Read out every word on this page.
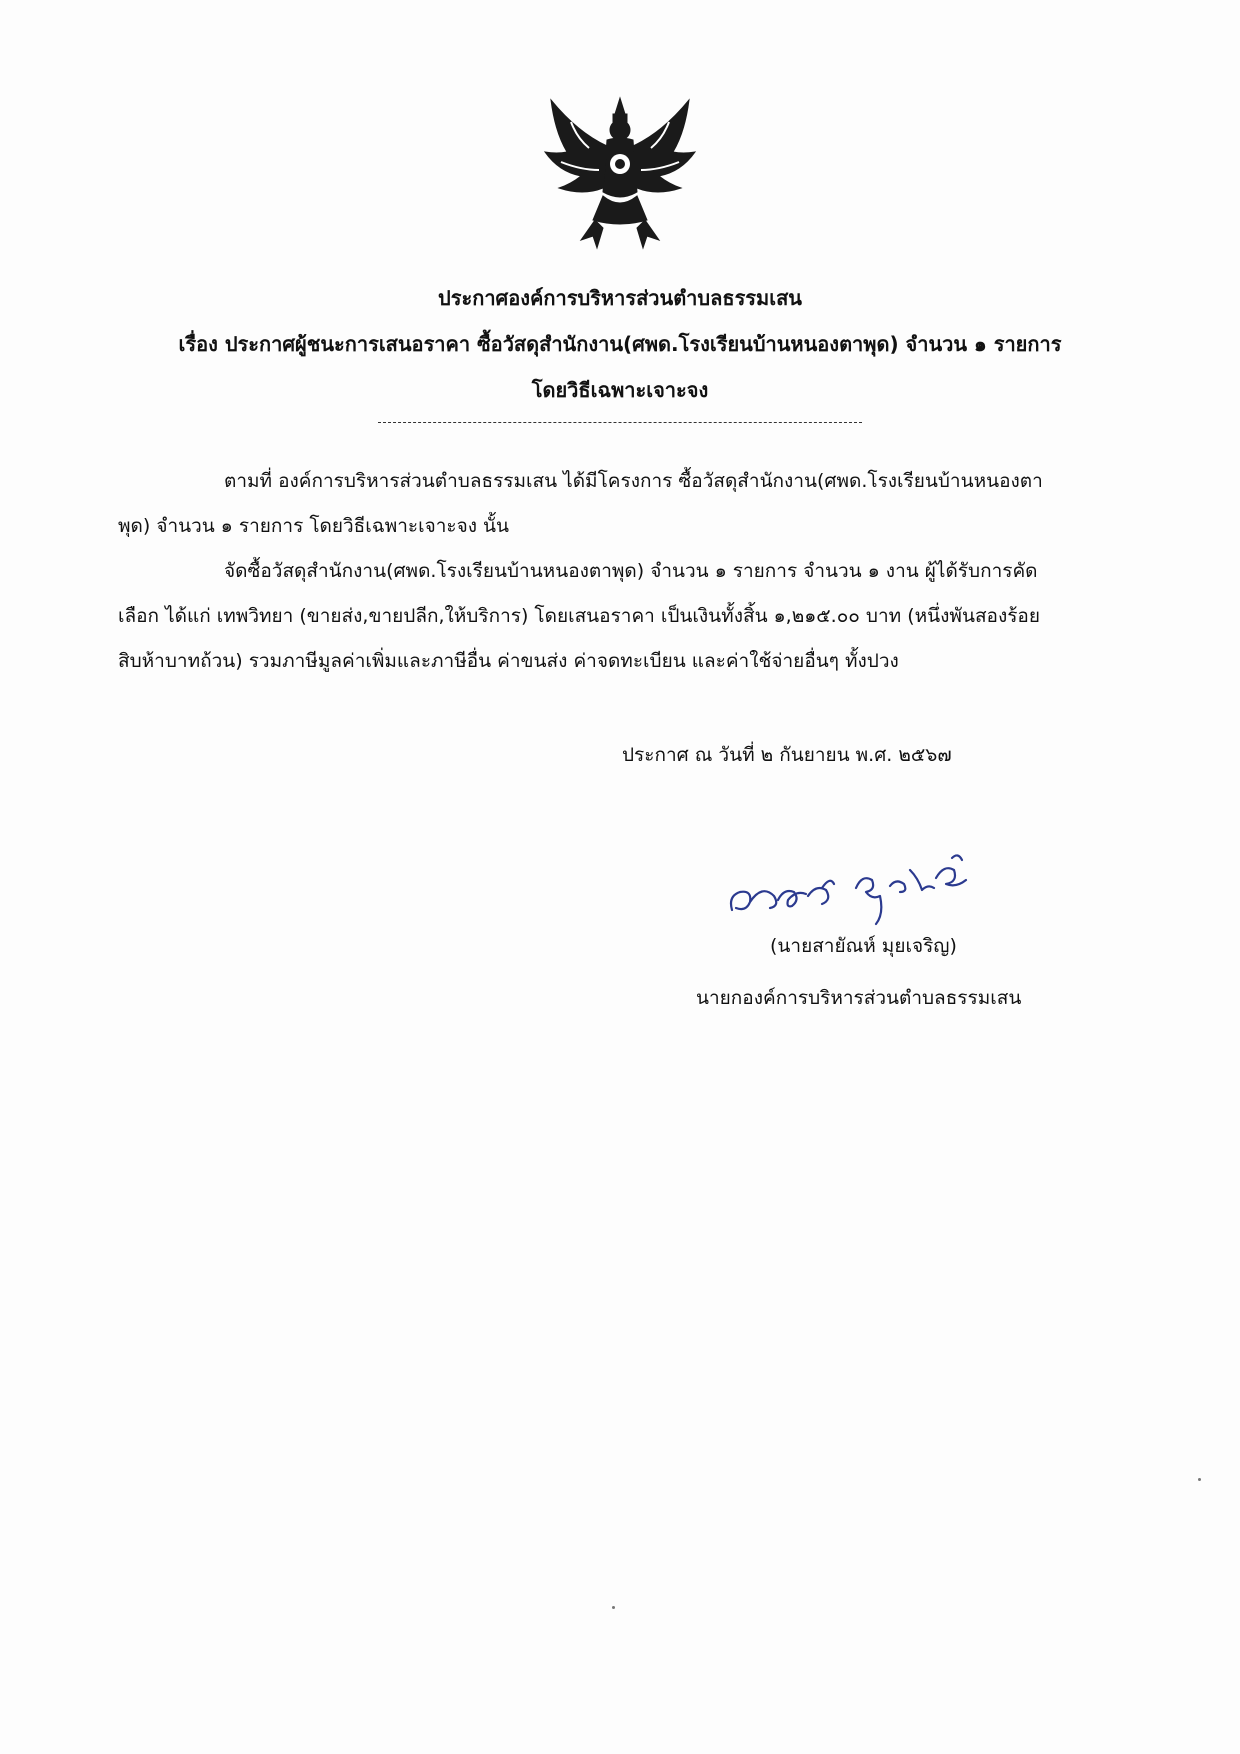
ประกาศองค์การบริหารส่วนตำบลธรรมเสน
เรื่อง ประกาศผู้ชนะการเสนอราคา ซื้อวัสดุสำนักงาน(ศพด.โรงเรียนบ้านหนองตาพุด) จำนวน ๑ รายการ
โดยวิธีเฉพาะเจาะจง
ตามที่ องค์การบริหารส่วนตำบลธรรมเสน ได้มีโครงการ ซื้อวัสดุสำนักงาน(ศพด.โรงเรียนบ้านหนองตา
พุด) จำนวน ๑ รายการ โดยวิธีเฉพาะเจาะจง นั้น
จัดซื้อวัสดุสำนักงาน(ศพด.โรงเรียนบ้านหนองตาพุด) จำนวน ๑ รายการ จำนวน ๑ งาน ผู้ได้รับการคัด
เลือก ได้แก่ เทพวิทยา (ขายส่ง,ขายปลีก,ให้บริการ) โดยเสนอราคา เป็นเงินทั้งสิ้น ๑,๒๑๕.๐๐ บาท (หนึ่งพันสองร้อย
สิบห้าบาทถ้วน) รวมภาษีมูลค่าเพิ่มและภาษีอื่น ค่าขนส่ง ค่าจดทะเบียน และค่าใช้จ่ายอื่นๆ ทั้งปวง
ประกาศ ณ วันที่ ๒ กันยายน พ.ศ. ๒๕๖๗
(นายสายัณห์ มุยเจริญ)
นายกองค์การบริหารส่วนตำบลธรรมเสน
